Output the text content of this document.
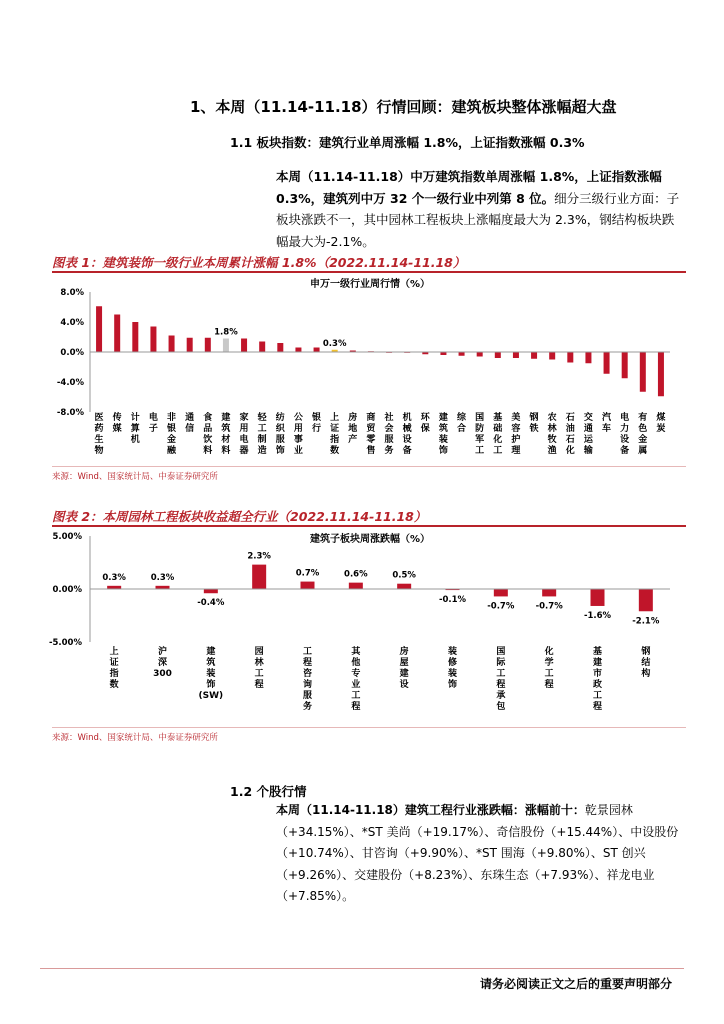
1、本周（11.14-11.18）行情回顾：建筑板块整体涨幅超大盘
1.1 板块指数：建筑行业单周涨幅 1.8%，上证指数涨幅 0.3%
本周（11.14-11.18）中万建筑指数单周涨幅 1.8%，上证指数涨幅 0.3%，建筑列中万 32 个一级行业中列第 8 位。细分三级行业方面：子板块涨跌不一，其中园林工程板块上涨幅度最大为 2.3%，钢结构板块跌幅最大为-2.1%。
图表 1：建筑装饰一级行业本周累计涨幅 1.8%（2022.11.14-11.18）
申万一级行业周行情（%）
8.0%
4.0%
0.0%
-4.0%
-8.0% 医药生物
传媒
计算机
电子
非银金融
通信
食品饮料
1.8%
建筑材料
家用电器
轻工制造
纺织服饰
公用事业
银行
0.3%
上证指数
房地产
商贸零售
社会服务
机械设备
环保
建筑装饰
综合
国防军工
基础化工
美容护理
钢铁
农林牧渔
石油石化
交通运输
汽车
电力设备
有色金属
煤炭
来源：Wind、国家统计局、中泰证券研究所
图表 2：本周园林工程板块收益超全行业（2022.11.14-11.18）
建筑子板块周涨跌幅（%）
5.00%
0.00%
-5.00%
0.3%
上证指数
0.3%
沪深 300
-0.4%
建筑装饰(SW)
2.3%
园林工程
0.7%
工程咨询服务
0.6%
其他专业工程
0.5%
房屋建设
-0.1%
装修装饰
-0.7%
国际工程承包
-0.7%
化学工程
-1.6%
基建市政工程
-2.1%
钢结构
来源：Wind、国家统计局、中泰证券研究所
1.2 个股行情
本周（11.14-11.18）建筑工程行业涨跌幅：涨幅前十：乾景园林（+34.15%）、*ST 美尚（+19.17%）、奇信股份（+15.44%）、中设股份（+10.74%）、甘咨询（+9.90%）、*ST 围海（+9.80%）、ST 创兴（+9.26%）、交建股份（+8.23%）、东珠生态（+7.93%）、祥龙电业（+7.85%）。
请务必阅读正文之后的重要声明部分
